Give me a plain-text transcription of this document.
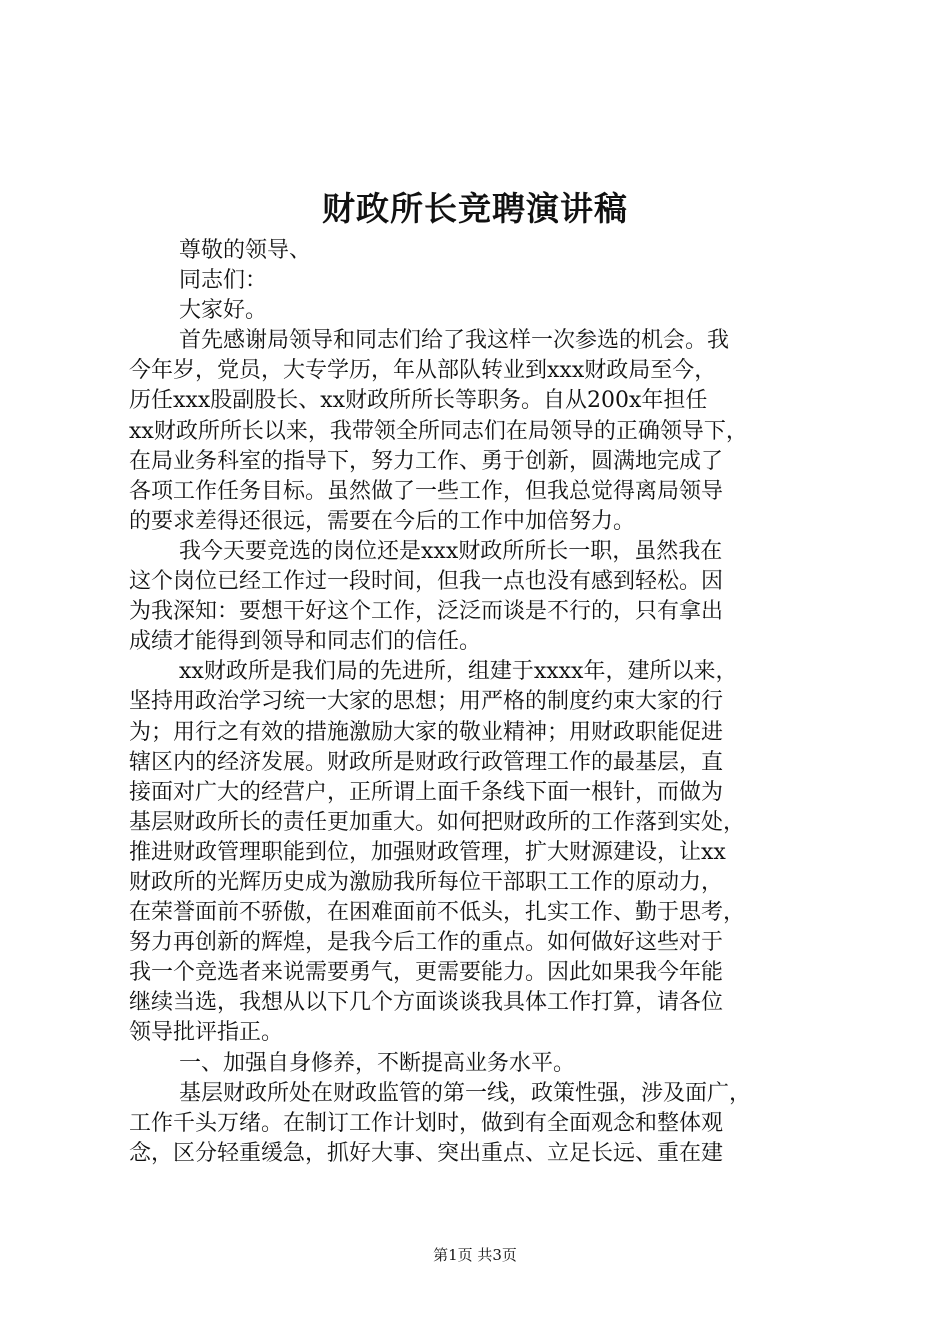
财政所长竞聘演讲稿
尊敬的领导、
同志们：
大家好。
首先感谢局领导和同志们给了我这样一次参选的机会。我
今年岁，党员，大专学历，年从部队转业到xxx财政局至今，
历任xxx股副股长、xx财政所所长等职务。自从200x年担任
xx财政所所长以来，我带领全所同志们在局领导的正确领导下，
在局业务科室的指导下，努力工作、勇于创新，圆满地完成了
各项工作任务目标。虽然做了一些工作，但我总觉得离局领导
的要求差得还很远，需要在今后的工作中加倍努力。
我今天要竞选的岗位还是xxx财政所所长一职，虽然我在
这个岗位已经工作过一段时间，但我一点也没有感到轻松。因
为我深知：要想干好这个工作，泛泛而谈是不行的，只有拿出
成绩才能得到领导和同志们的信任。
xx财政所是我们局的先进所，组建于xxxx年，建所以来，
坚持用政治学习统一大家的思想；用严格的制度约束大家的行
为；用行之有效的措施激励大家的敬业精神；用财政职能促进
辖区内的经济发展。财政所是财政行政管理工作的最基层，直
接面对广大的经营户，正所谓上面千条线下面一根针，而做为
基层财政所长的责任更加重大。如何把财政所的工作落到实处，
推进财政管理职能到位，加强财政管理，扩大财源建设，让xx
财政所的光辉历史成为激励我所每位干部职工工作的原动力，
在荣誉面前不骄傲，在困难面前不低头，扎实工作、勤于思考，
努力再创新的辉煌，是我今后工作的重点。如何做好这些对于
我一个竞选者来说需要勇气，更需要能力。因此如果我今年能
继续当选，我想从以下几个方面谈谈我具体工作打算，请各位
领导批评指正。
一、加强自身修养，不断提高业务水平。
基层财政所处在财政监管的第一线，政策性强，涉及面广，
工作千头万绪。在制订工作计划时，做到有全面观念和整体观
念，区分轻重缓急，抓好大事、突出重点、立足长远、重在建
第1页 共3页
